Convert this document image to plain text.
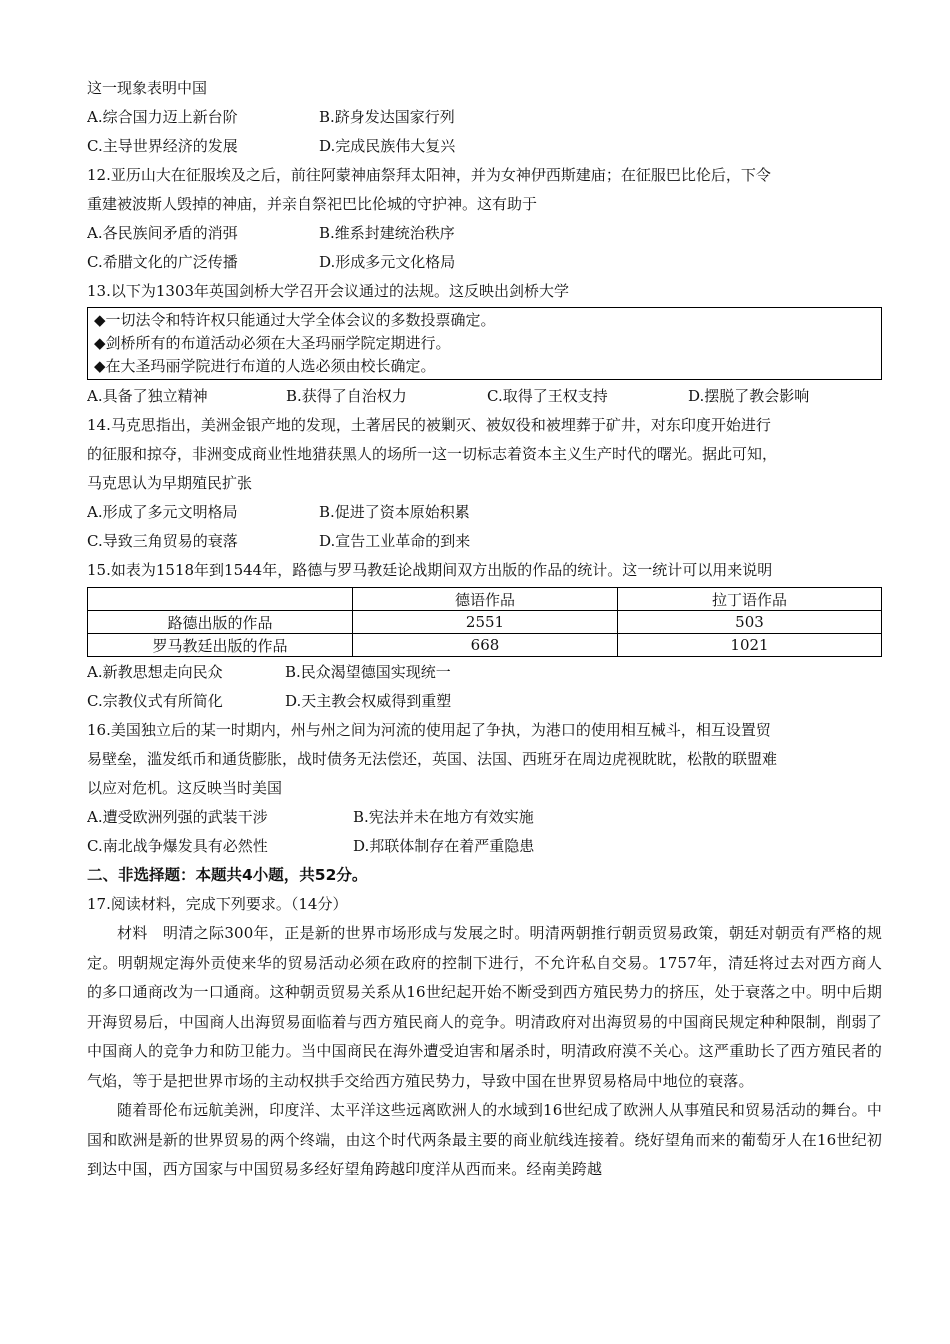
这一现象表明中国
A.综合国力迈上新台阶	B.跻身发达国家行列
C.主导世界经济的发展	D.完成民族伟大复兴
12.亚历山大在征服埃及之后，前往阿蒙神庙祭拜太阳神，并为女神伊西斯建庙；在征服巴比伦后，下令
重建被波斯人毁掉的神庙，并亲自祭祀巴比伦城的守护神。这有助于
A.各民族间矛盾的消弭	B.维系封建统治秩序
C.希腊文化的广泛传播	D.形成多元文化格局
13.以下为1303年英国剑桥大学召开会议通过的法规。这反映出剑桥大学
◆一切法令和特许权只能通过大学全体会议的多数投票确定。
◆剑桥所有的布道活动必须在大圣玛丽学院定期进行。
◆在大圣玛丽学院进行布道的人选必须由校长确定。
A.具备了独立精神	B.获得了自治权力	C.取得了王权支持	D.摆脱了教会影响
14.马克思指出，美洲金银产地的发现，土著居民的被剿灭、被奴役和被埋葬于矿井，对东印度开始进行
的征服和掠夺，非洲变成商业性地猎获黑人的场所一这一切标志着资本主义生产时代的曙光。据此可知，
马克思认为早期殖民扩张
A.形成了多元文明格局	B.促进了资本原始积累
C.导致三角贸易的衰落	D.宣告工业革命的到来
15.如表为1518年到1544年，路德与罗马教廷论战期间双方出版的作品的统计。这一统计可以用来说明
	德语作品	拉丁语作品
路德出版的作品	2551	503
罗马教廷出版的作品	668	1021
A.新教思想走向民众	B.民众渴望德国实现统一
C.宗教仪式有所简化	D.天主教会权威得到重塑
16.美国独立后的某一时期内，州与州之间为河流的使用起了争执，为港口的使用相互械斗，相互设置贸
易壁垒，滥发纸币和通货膨胀，战时债务无法偿还，英国、法国、西班牙在周边虎视眈眈，松散的联盟难
以应对危机。这反映当时美国
A.遭受欧洲列强的武装干涉	B.宪法并未在地方有效实施
C.南北战争爆发具有必然性	D.邦联体制存在着严重隐患
二、非选择题：本题共4小题，共52分。
17.阅读材料，完成下列要求。（14分）
材料　明清之际300年，正是新的世界市场形成与发展之时。明清两朝推行朝贡贸易政策，朝廷对朝贡有严格的规定。明朝规定海外贡使来华的贸易活动必须在政府的控制下进行，不允许私自交易。1757年，清廷将过去对西方商人的多口通商改为一口通商。这种朝贡贸易关系从16世纪起开始不断受到西方殖民势力的挤压，处于衰落之中。明中后期开海贸易后，中国商人出海贸易面临着与西方殖民商人的竞争。明清政府对出海贸易的中国商民规定种种限制，削弱了中国商人的竞争力和防卫能力。当中国商民在海外遭受迫害和屠杀时，明清政府漠不关心。这严重助长了西方殖民者的气焰，等于是把世界市场的主动权拱手交给西方殖民势力，导致中国在世界贸易格局中地位的衰落。
随着哥伦布远航美洲，印度洋、太平洋这些远离欧洲人的水域到16世纪成了欧洲人从事殖民和贸易活动的舞台。中国和欧洲是新的世界贸易的两个终端，由这个时代两条最主要的商业航线连接着。绕好望角而来的葡萄牙人在16世纪初到达中国，西方国家与中国贸易多经好望角跨越印度洋从西而来。经南美跨越
